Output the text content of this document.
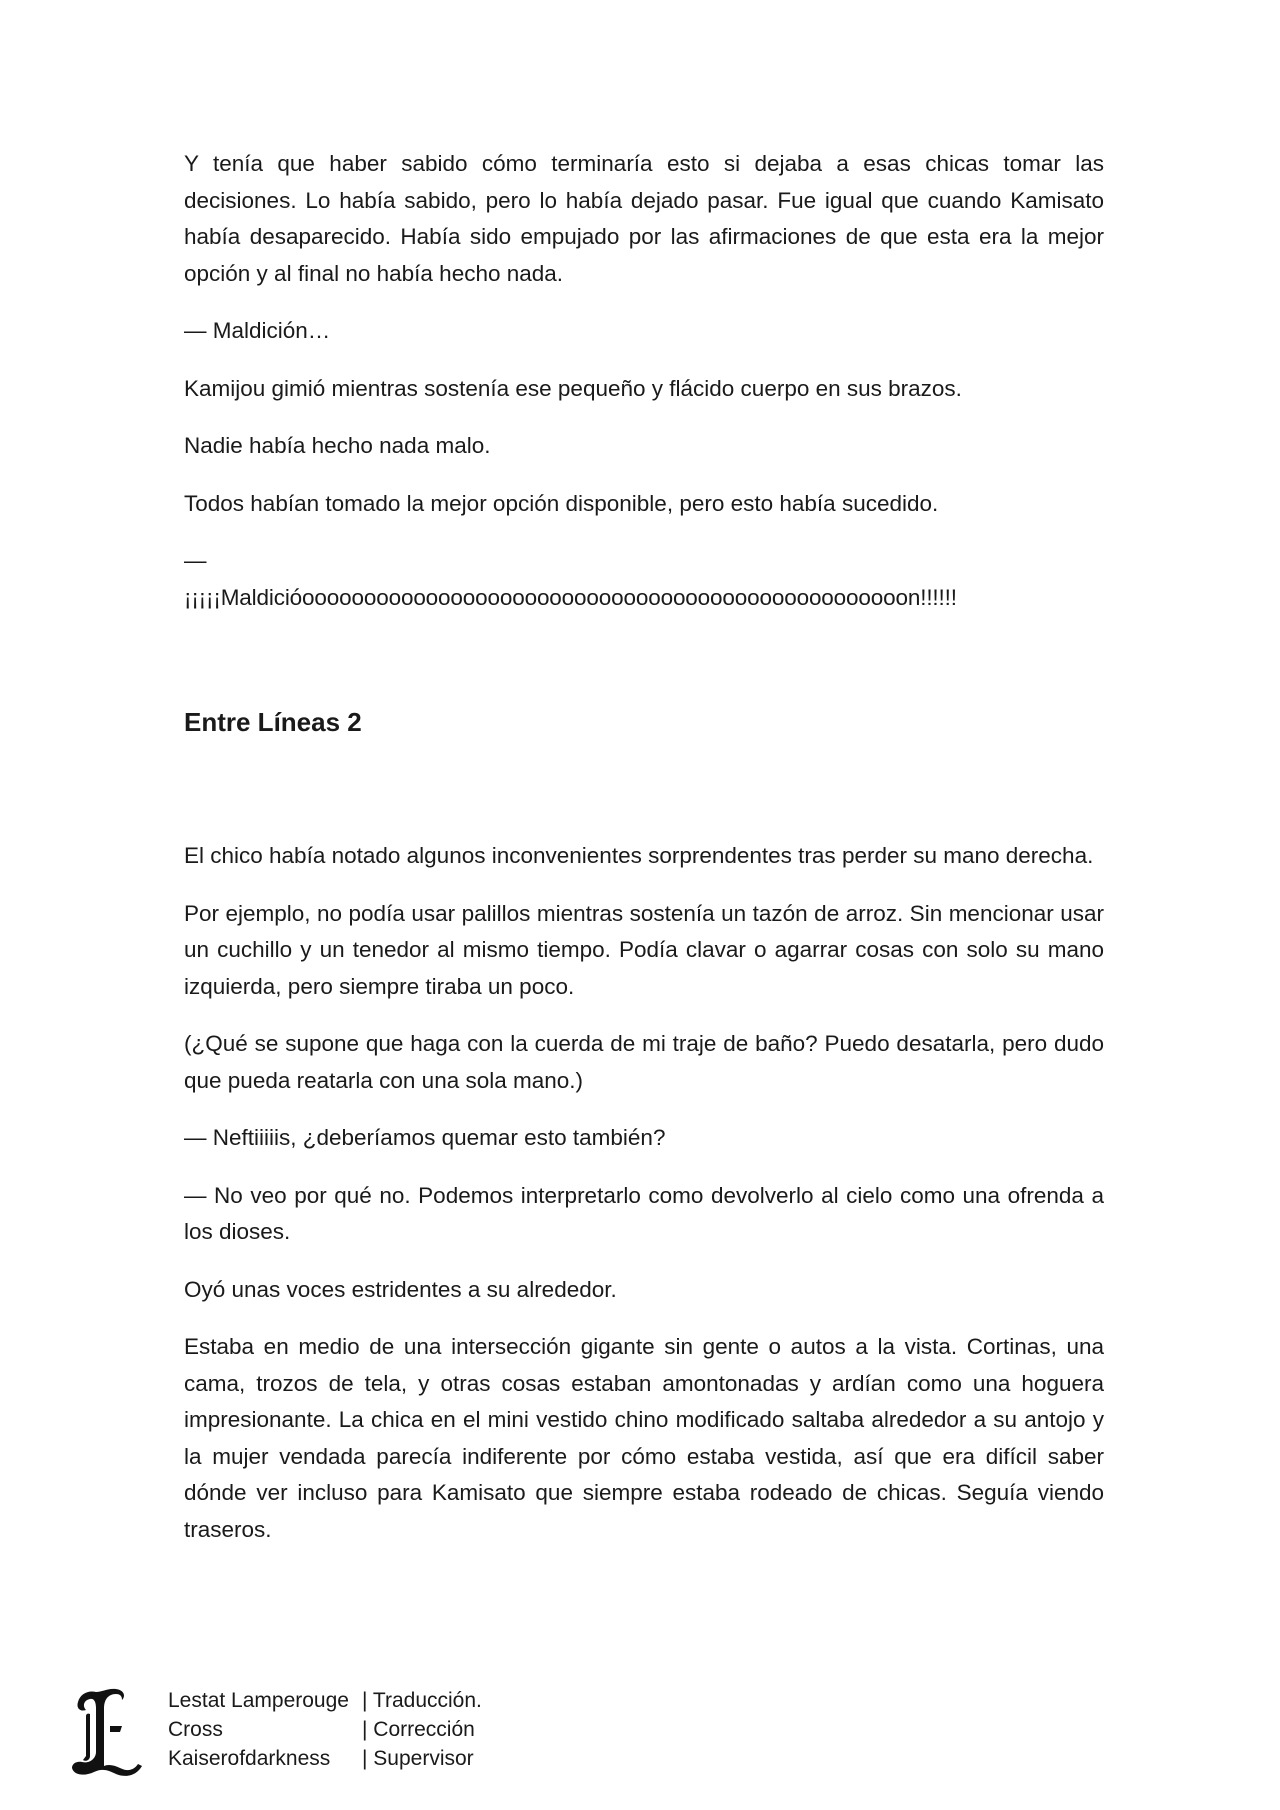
Y tenía que haber sabido cómo terminaría esto si dejaba a esas chicas tomar las decisiones. Lo había sabido, pero lo había dejado pasar. Fue igual que cuando Kamisato había desaparecido. Había sido empujado por las afirmaciones de que esta era la mejor opción y al final no había hecho nada.

— Maldición…

Kamijou gimió mientras sostenía ese pequeño y flácido cuerpo en sus brazos.

Nadie había hecho nada malo.

Todos habían tomado la mejor opción disponible, pero esto había sucedido.

—

¡¡¡¡¡Maldicióooooooooooooooooooooooooooooooooooooooooooooooooon!!!!!!

Entre Líneas 2

El chico había notado algunos inconvenientes sorprendentes tras perder su mano derecha.

Por ejemplo, no podía usar palillos mientras sostenía un tazón de arroz. Sin mencionar usar un cuchillo y un tenedor al mismo tiempo. Podía clavar o agarrar cosas con solo su mano izquierda, pero siempre tiraba un poco.

(¿Qué se supone que haga con la cuerda de mi traje de baño? Puedo desatarla, pero dudo que pueda reatarla con una sola mano.)

— Neftiiiiis, ¿deberíamos quemar esto también?

— No veo por qué no. Podemos interpretarlo como devolverlo al cielo como una ofrenda a los dioses.

Oyó unas voces estridentes a su alrededor.

Estaba en medio de una intersección gigante sin gente o autos a la vista. Cortinas, una cama, trozos de tela, y otras cosas estaban amontonadas y ardían como una hoguera impresionante. La chica en el mini vestido chino modificado saltaba alrededor a su antojo y la mujer vendada parecía indiferente por cómo estaba vestida, así que era difícil saber dónde ver incluso para Kamisato que siempre estaba rodeado de chicas. Seguía viendo traseros.

Lestat Lamperouge	| Traducción.
Cross	| Corrección
Kaiserofdarkness	| Supervisor
